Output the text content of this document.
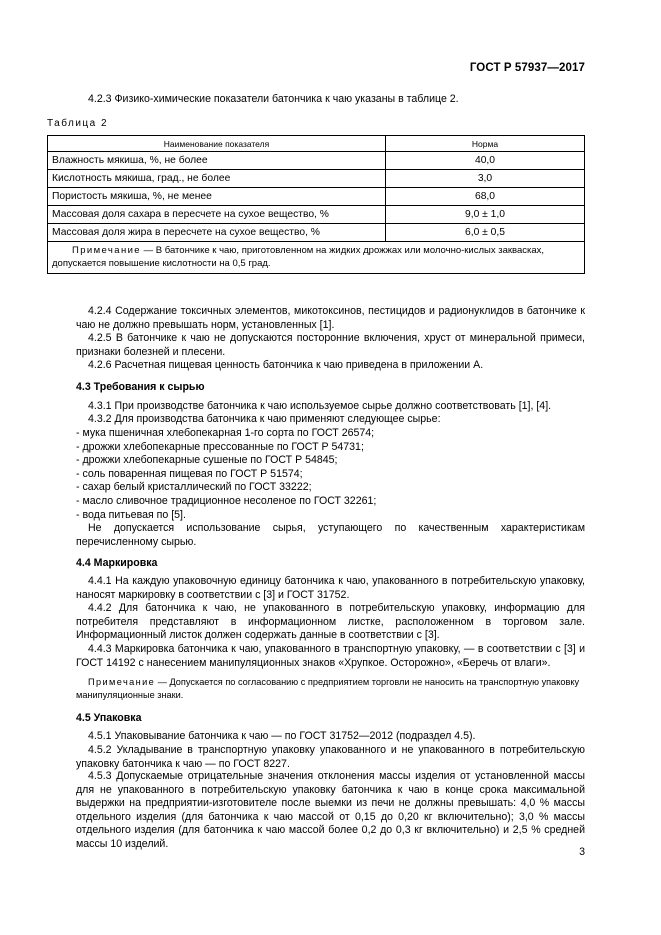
ГОСТ Р 57937—2017
4.2.3 Физико-химические показатели батончика к чаю указаны в таблице 2.
Таблица 2
Наименование показателя	Норма
Влажность мякиша, %, не более	40,0
Кислотность мякиша, град., не более	3,0
Пористость мякиша, %, не менее	68,0
Массовая доля сахара в пересчете на сухое вещество, %	9,0 ± 1,0
Массовая доля жира в пересчете на сухое вещество, %	6,0 ± 0,5
Примечание — В батончике к чаю, приготовленном на жидких дрожжах или молочно-кислых заквасках, допускается повышение кислотности на 0,5 град.	
4.2.4 Содержание токсичных элементов, микотоксинов, пестицидов и радионуклидов в батончике к чаю не должно превышать норм, установленных [1].
4.2.5 В батончике к чаю не допускаются посторонние включения, хруст от минеральной примеси, признаки болезней и плесени.
4.2.6 Расчетная пищевая ценность батончика к чаю приведена в приложении А.
4.3 Требования к сырью
4.3.1 При производстве батончика к чаю используемое сырье должно соответствовать [1], [4].
4.3.2 Для производства батончика к чаю применяют следующее сырье:
- мука пшеничная хлебопекарная 1-го сорта по ГОСТ 26574;
- дрожжи хлебопекарные прессованные по ГОСТ Р 54731;
- дрожжи хлебопекарные сушеные по ГОСТ Р 54845;
- соль поваренная пищевая по ГОСТ Р 51574;
- сахар белый кристаллический по ГОСТ 33222;
- масло сливочное традиционное несоленое по ГОСТ 32261;
- вода питьевая по [5].
Не допускается использование сырья, уступающего по качественным характеристикам перечисленному сырью.
4.4 Маркировка
4.4.1 На каждую упаковочную единицу батончика к чаю, упакованного в потребительскую упаковку, наносят маркировку в соответствии с [3] и ГОСТ 31752.
4.4.2 Для батончика к чаю, не упакованного в потребительскую упаковку, информацию для потребителя представляют в информационном листке, расположенном в торговом зале. Информационный листок должен содержать данные в соответствии с [3].
4.4.3 Маркировка батончика к чаю, упакованного в транспортную упаковку, — в соответствии с [3] и ГОСТ 14192 с нанесением манипуляционных знаков «Хрупкое. Осторожно», «Беречь от влаги».
Примечание — Допускается по согласованию с предприятием торговли не наносить на транспортную упаковку манипуляционные знаки.
4.5 Упаковка
4.5.1 Упаковывание батончика к чаю — по ГОСТ 31752—2012 (подраздел 4.5).
4.5.2 Укладывание в транспортную упаковку упакованного и не упакованного в потребительскую упаковку батончика к чаю — по ГОСТ 8227.
4.5.3 Допускаемые отрицательные значения отклонения массы изделия от установленной массы для не упакованного в потребительскую упаковку батончика к чаю в конце срока максимальной выдержки на предприятии-изготовителе после выемки из печи не должны превышать: 4,0 % массы отдельного изделия (для батончика к чаю массой от 0,15 до 0,20 кг включительно); 3,0 % массы отдельного изделия (для батончика к чаю массой более 0,2 до 0,3 кг включительно) и 2,5 % средней массы 10 изделий.
3
